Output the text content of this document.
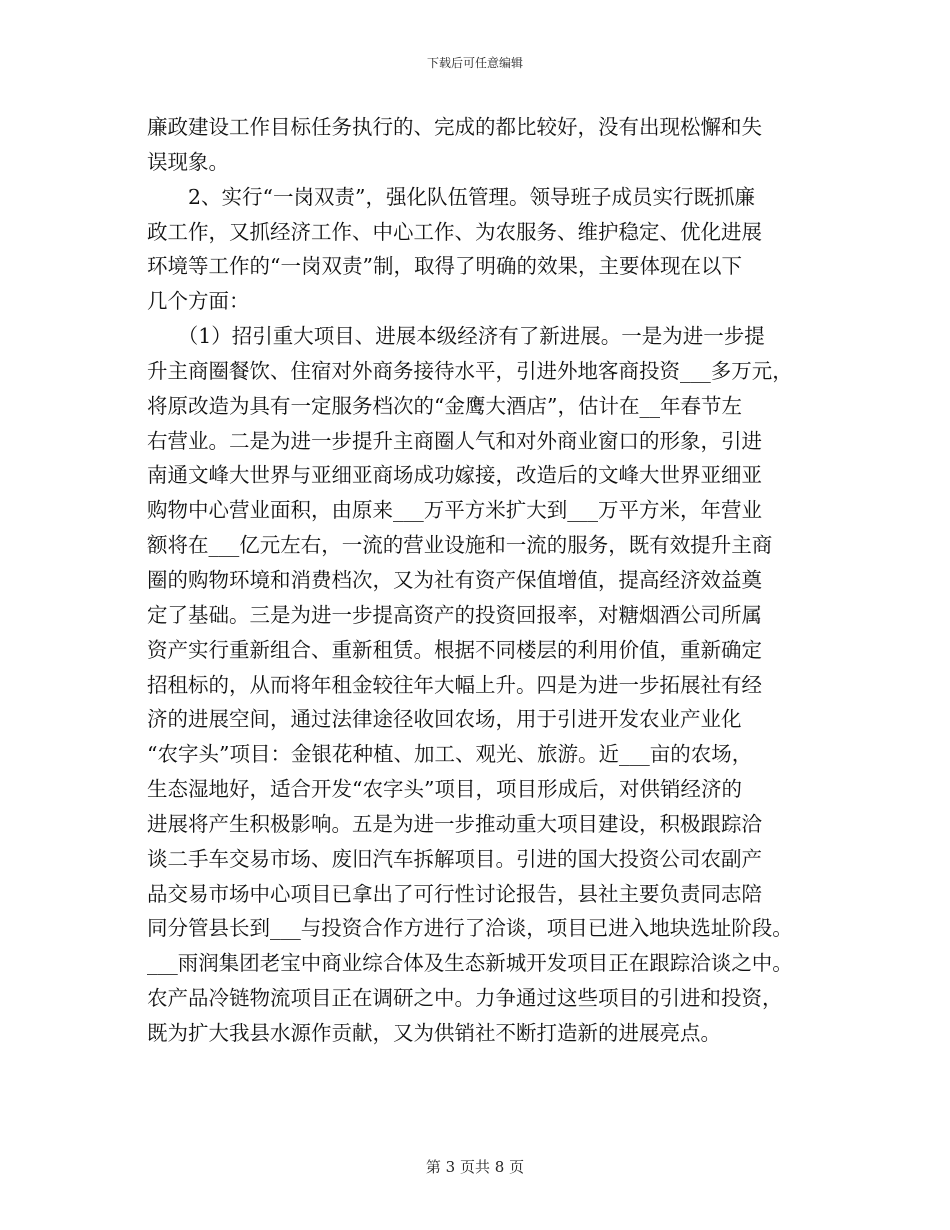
下载后可任意编辑
廉政建设工作目标任务执行的、完成的都比较好，没有出现松懈和失
误现象。
　　2、实行“一岗双责”，强化队伍管理。领导班子成员实行既抓廉
政工作，又抓经济工作、中心工作、为农服务、维护稳定、优化进展
环境等工作的“一岗双责”制，取得了明确的效果，主要体现在以下
几个方面：
　　（1）招引重大项目、进展本级经济有了新进展。一是为进一步提
升主商圈餐饮、住宿对外商务接待水平，引进外地客商投资___多万元，
将原改造为具有一定服务档次的“金鹰大酒店”，估计在__年春节左
右营业。二是为进一步提升主商圈人气和对外商业窗口的形象，引进
南通文峰大世界与亚细亚商场成功嫁接，改造后的文峰大世界亚细亚
购物中心营业面积，由原来___万平方米扩大到___万平方米，年营业
额将在___亿元左右，一流的营业设施和一流的服务，既有效提升主商
圈的购物环境和消费档次，又为社有资产保值增值，提高经济效益奠
定了基础。三是为进一步提高资产的投资回报率，对糖烟酒公司所属
资产实行重新组合、重新租赁。根据不同楼层的利用价值，重新确定
招租标的，从而将年租金较往年大幅上升。四是为进一步拓展社有经
济的进展空间，通过法律途径收回农场，用于引进开发农业产业化
“农字头”项目：金银花种植、加工、观光、旅游。近___亩的农场，
生态湿地好，适合开发“农字头”项目，项目形成后，对供销经济的
进展将产生积极影响。五是为进一步推动重大项目建设，积极跟踪洽
谈二手车交易市场、废旧汽车拆解项目。引进的国大投资公司农副产
品交易市场中心项目已拿出了可行性讨论报告，县社主要负责同志陪
同分管县长到___与投资合作方进行了洽谈，项目已进入地块选址阶段。
___雨润集团老宝中商业综合体及生态新城开发项目正在跟踪洽谈之中。
农产品冷链物流项目正在调研之中。力争通过这些项目的引进和投资，
既为扩大我县水源作贡献，又为供销社不断打造新的进展亮点。
第 3 页共 8 页
